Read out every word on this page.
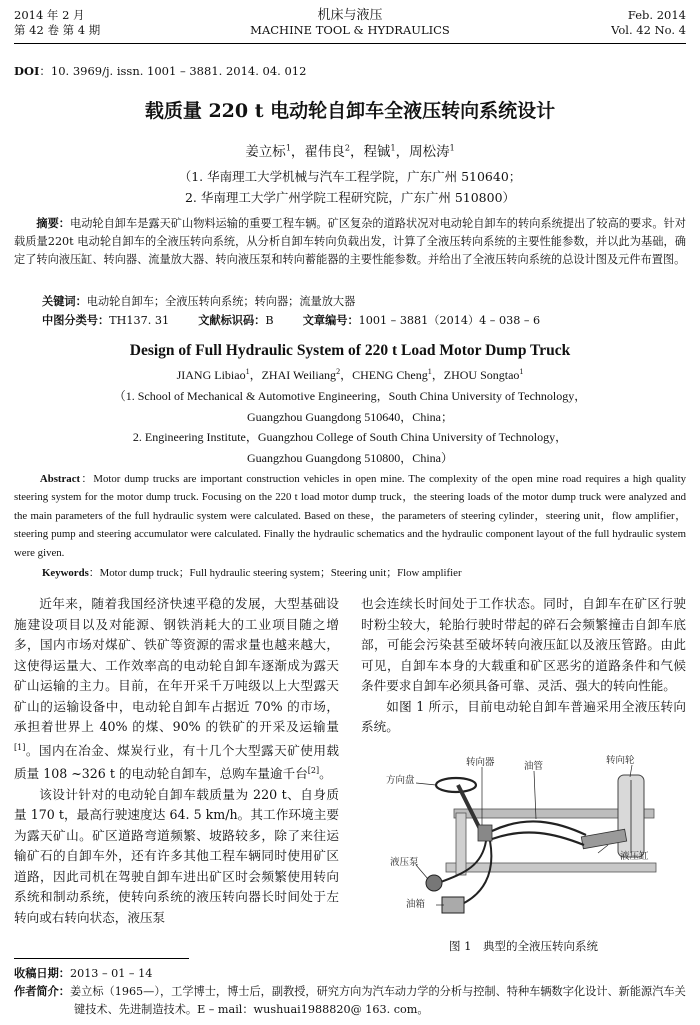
2014 年 2 月
第 42 卷 第 4 期
机床与液压
MACHINE TOOL & HYDRAULICS
Feb. 2014
Vol. 42 No. 4
DOI：10. 3969/j. issn. 1001 – 3881. 2014. 04. 012
载质量 220 t 电动轮自卸车全液压转向系统设计
姜立标$^1$，翟伟良$^2$，程铖$^1$，周松涛$^1$
（1. 华南理工大学机械与汽车工程学院，广东广州 510640；
2. 华南理工大学广州学院工程研究院，广东广州 510800）
摘要：电动轮自卸车是露天矿山物料运输的重要工程车辆。矿区复杂的道路状况对电动轮自卸车的转向系统提出了较高的要求。针对载质量220t 电动轮自卸车的全液压转向系统，从分析自卸车转向负载出发，计算了全液压转向系统的主要性能参数，并以此为基础，确定了转向液压缸、转向器、流量放大器、转向液压泵和转向蓄能器的主要性能参数。并给出了全液压转向系统的总设计图及元件布置图。
关键词：电动轮自卸车；全液压转向系统；转向器；流量放大器
中图分类号：TH137. 31	文献标识码：B	文章编号：1001 – 3881（2014）4 – 038 – 6
Design of Full Hydraulic System of 220 t Load Motor Dump Truck
JIANG Libiao$^1$，ZHAI Weiliang$^2$，CHENG Cheng$^1$，ZHOU Songtao$^1$
（1. School of Mechanical & Automotive Engineering，South China University of Technology，
Guangzhou Guangdong 510640，China；
2. Engineering Institute，Guangzhou College of South China University of Technology，
Guangzhou Guangdong 510800，China）
Abstract：Motor dump trucks are important construction vehicles in open mine. The complexity of the open mine road requires a high quality steering system for the motor dump truck. Focusing on the 220 t load motor dump truck，the steering loads of the motor dump truck were analyzed and the main parameters of the full hydraulic system were calculated. Based on these，the parameters of steering cylinder，steering unit，flow amplifier，steering pump and steering accumulator were calculated. Finally the hydraulic schematics and the hydraulic component layout of the full hydraulic system were given.
Keywords：Motor dump truck；Full hydraulic steering system；Steering unit；Flow amplifier

近年来，随着我国经济快速平稳的发展，大型基础设施建设项目以及对能源、钢铁消耗大的工业项目随之增多，国内市场对煤矿、铁矿等资源的需求量也越来越大，这使得运量大、工作效率高的电动轮自卸车逐渐成为露天矿山运输的主力。目前，在年开采千万吨级以上大型露天矿山的运输设备中，电动轮自卸车占据近 70% 的市场，承担着世界上 40% 的煤、90% 的铁矿的开采及运输量[1]。国内在冶金、煤炭行业，有十几个大型露天矿使用载质量 108 ~326 t 的电动轮自卸车，总购车量逾千台[2]。

该设计针对的电动轮自卸车载质量为 220 t、自身质量 170 t，最高行驶速度达 64. 5 km/h。其工作环境主要为露天矿山。矿区道路弯道频繁、坡路较多，除了来往运输矿石的自卸车外，还有许多其他工程车辆同时使用矿区道路，因此司机在驾驶自卸车进出矿区时会频繁使用转向系统和制动系统，使转向系统的液压转向器长时间处于左转向或右转向状态，液压泵

也会连续长时间处于工作状态。同时，自卸车在矿区行驶时粉尘较大，轮胎行驶时带起的碎石会频繁撞击自卸车底部，可能会污染甚至破坏转向液压缸以及液压管路。由此可见，自卸车本身的大载重和矿区恶劣的道路条件和气候条件要求自卸车必须具备可靠、灵活、强大的转向性能。

如图 1 所示，目前电动轮自卸车普遍采用全液压转向系统。

方向盘
转向器	油管
转向轮
液压泵
油箱
液压缸
图 1　典型的全液压转向系统
收稿日期：2013 – 01 – 14
作者简介：姜立标（1965—），工学博士，博士后，副教授，研究方向为汽车动力学的分析与控制、特种车辆数字化设计、新能源汽车关键技术、先进制造技术。E – mail：wushuai1988820@ 163. com。
